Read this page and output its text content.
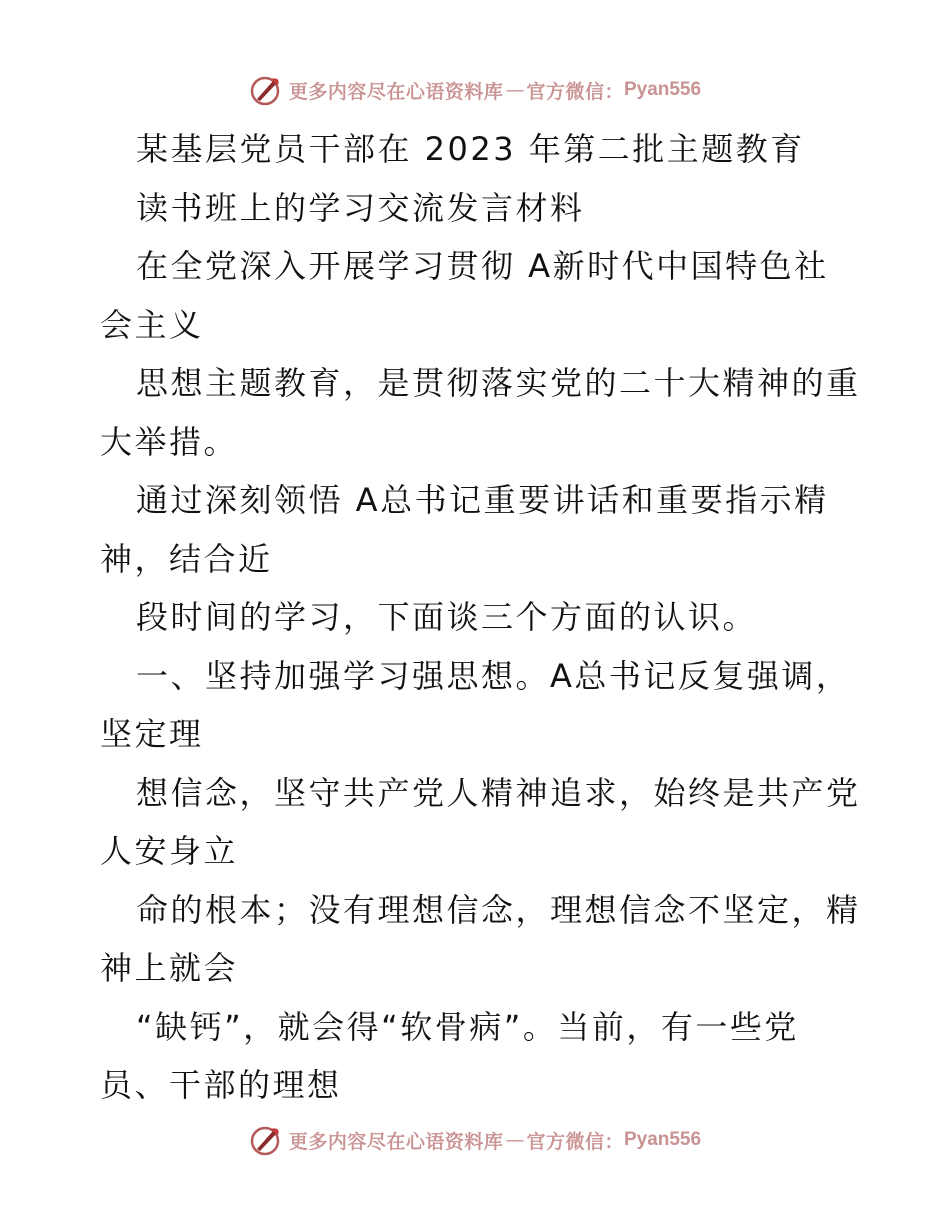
更多内容尽在心语资料库 — 官方微信： Pyan556
某基层党员干部在 2023 年第二批主题教育
读书班上的学习交流发言材料
在全党深入开展学习贯彻 A新时代中国特色社
会主义
思想主题教育，是贯彻落实党的二十大精神的重
大举措。
通过深刻领悟 A总书记重要讲话和重要指示精
神，结合近
段时间的学习，下面谈三个方面的认识。
一、坚持加强学习强思想。A总书记反复强调，
坚定理
想信念，坚守共产党人精神追求，始终是共产党
人安身立
命的根本；没有理想信念，理想信念不坚定，精
神上就会
“缺钙”，就会得“软骨病”。当前，有一些党
员、干部的理想
更多内容尽在心语资料库 — 官方微信： Pyan556
